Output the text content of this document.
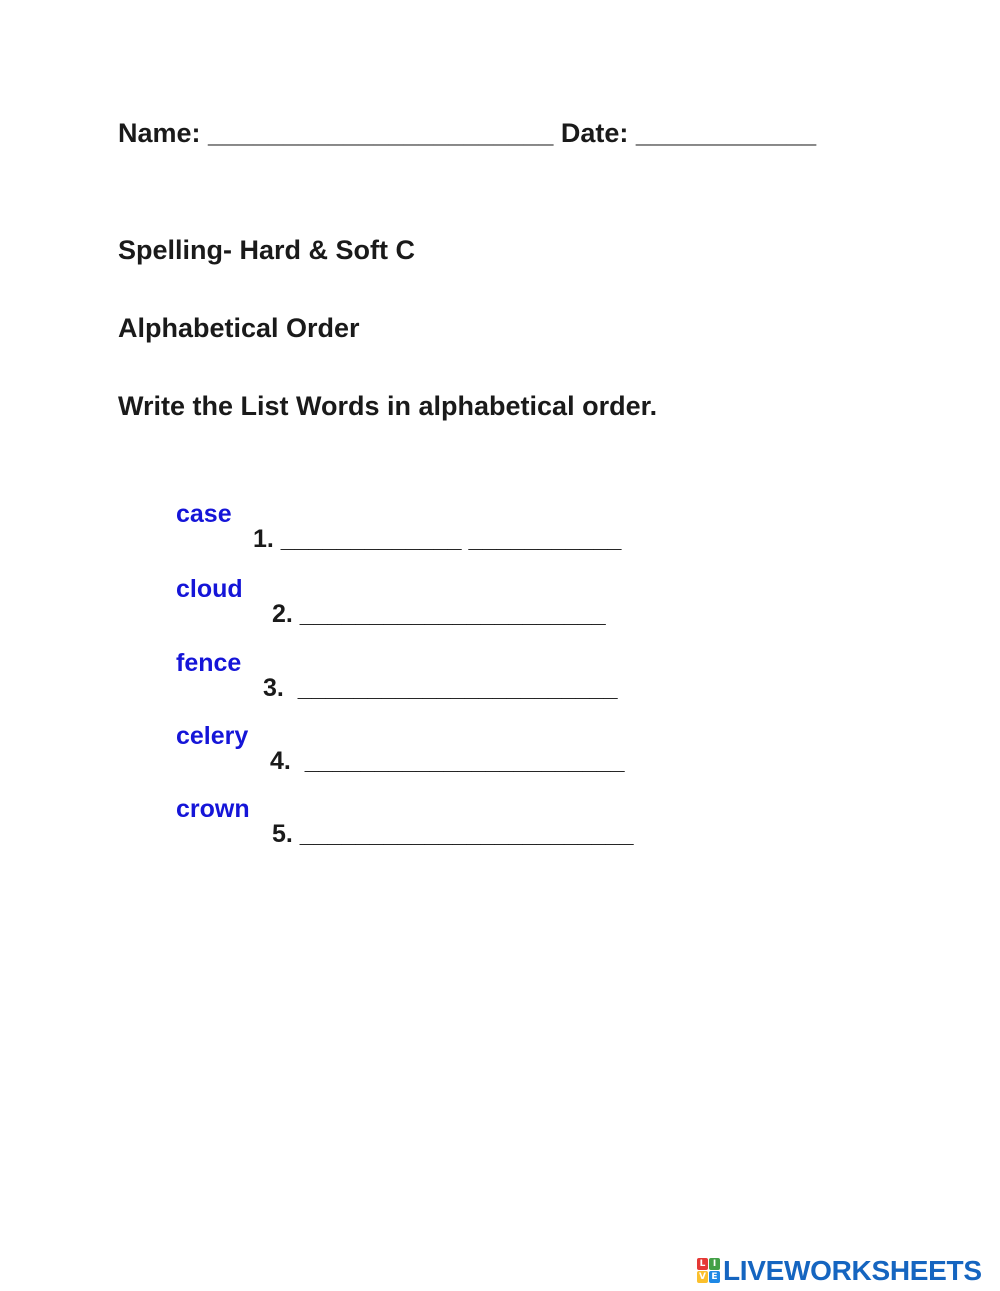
Name: _______________________ Date: ____________
Spelling- Hard & Soft C
Alphabetical Order
Write the List Words in alphabetical order.

case

1. _____________ ___________

cloud

2. ______________________

fence

3.  _______________________

celery

4.  _______________________

crown

5. ________________________

L I
V E LIVEWORKSHEETS
